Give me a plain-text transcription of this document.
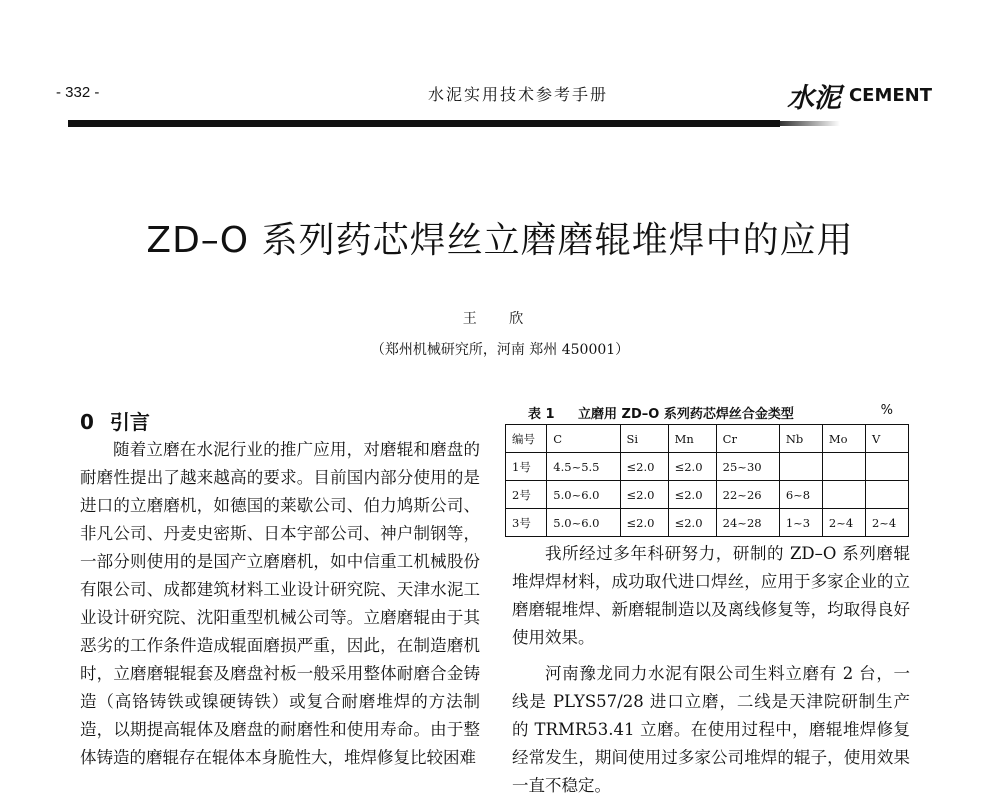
- 332 -	水泥实用技术参考手册	水泥 CEMENT
ZD–O 系列药芯焊丝立磨磨辊堆焊中的应用
王 欣
（郑州机械研究所，河南 郑州 450001）
0 引言

随着立磨在水泥行业的推广应用，对磨辊和磨盘的耐磨性提出了越来越高的要求。目前国内部分使用的是进口的立磨磨机，如德国的莱歇公司、伯力鸠斯公司、非凡公司、丹麦史密斯、日本宇部公司、神户制钢等，一部分则使用的是国产立磨磨机，如中信重工机械股份有限公司、成都建筑材料工业设计研究院、天津水泥工业设计研究院、沈阳重型机械公司等。立磨磨辊由于其恶劣的工作条件造成辊面磨损严重，因此，在制造磨机时，立磨磨辊辊套及磨盘衬板一般采用整体耐磨合金铸造（高铬铸铁或镍硬铸铁）或复合耐磨堆焊的方法制造，以期提高辊体及磨盘的耐磨性和使用寿命。由于整体铸造的磨辊存在辊体本身脆性大，堆焊修复比较困难

表 1 立磨用 ZD–O 系列药芯焊丝合金类型	%
编号	C	Si	Mn	Cr	Nb	Mo	V
1号	4.5~5.5	≤2.0	≤2.0	25~30			
2号	5.0~6.0	≤2.0	≤2.0	22~26	6~8		
3号	5.0~6.0	≤2.0	≤2.0	24~28	1~3	2~4	2~4

我所经过多年科研努力，研制的 ZD–O 系列磨辊堆焊焊材料，成功取代进口焊丝，应用于多家企业的立磨磨辊堆焊、新磨辊制造以及离线修复等，均取得良好使用效果。

河南豫龙同力水泥有限公司生料立磨有 2 台，一线是 PLYS57/28 进口立磨，二线是天津院研制生产的 TRMR53.41 立磨。在使用过程中，磨辊堆焊修复经常发生，期间使用过多家公司堆焊的辊子，使用效果一直不稳定。
